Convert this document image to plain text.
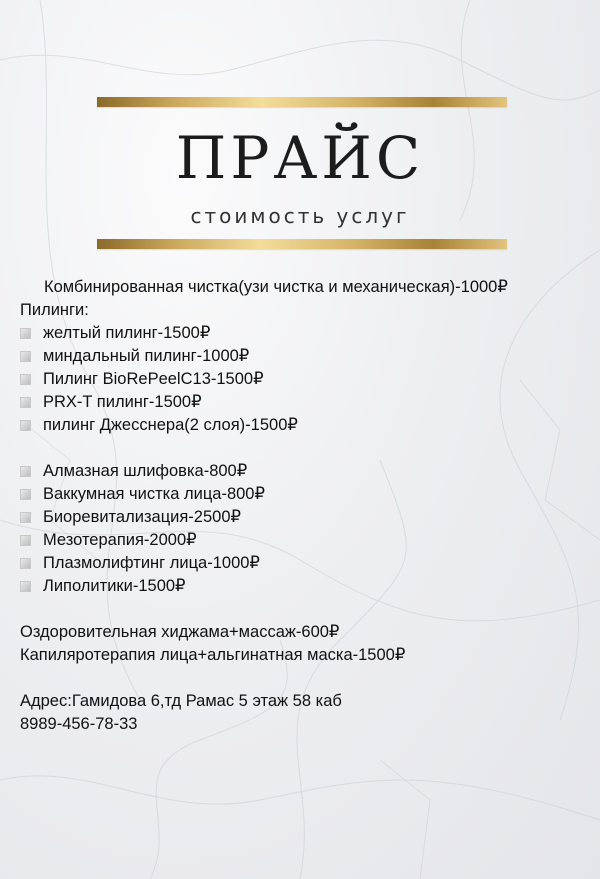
ПРАЙС
стоимость услуг
Комбинированная чистка(узи чистка и механическая)-1000₽
Пилинги:
желтый пилинг-1500₽
миндальный пилинг-1000₽
Пилинг BioRePeelC13-1500₽
PRX-T пилинг-1500₽
пилинг Джесснера(2 слоя)-1500₽
Алмазная шлифовка-800₽
Ваккумная чистка лица-800₽
Биоревитализация-2500₽
Мезотерапия-2000₽
Плазмолифтинг лица-1000₽
Липолитики-1500₽
Оздоровительная хиджама+массаж-600₽
Капиляротерапия лица+альгинатная маска-1500₽
Адрес:Гамидова 6,тд Рамас 5 этаж 58 каб
8989-456-78-33
